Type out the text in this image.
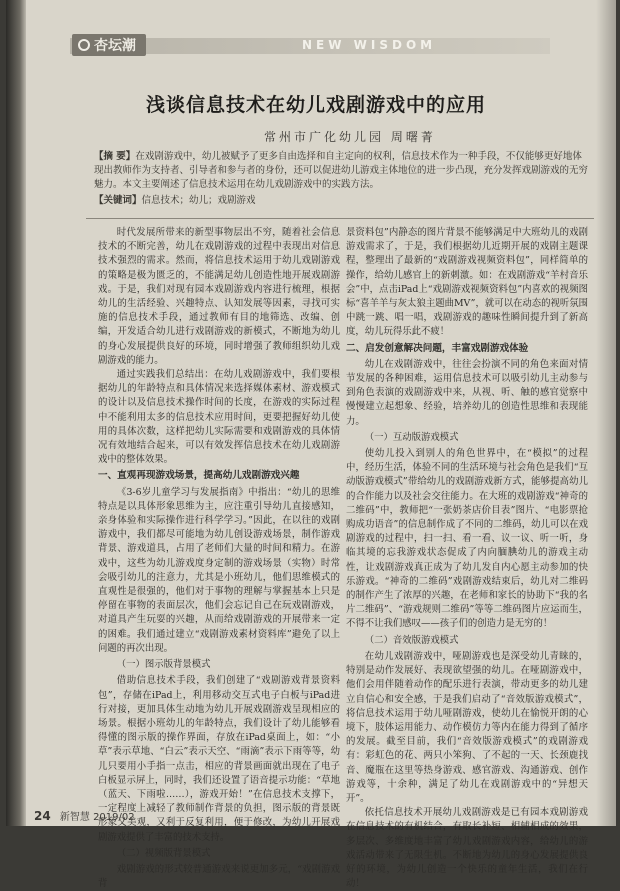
杏坛潮	NEW WISDOM
浅谈信息技术在幼儿戏剧游戏中的应用
常州市广化幼儿园 周曙菁

【摘 要】在戏剧游戏中，幼儿被赋予了更多自由选择和自主定向的权利，信息技术作为一种手段，不仅能够更好地体现出教师作为支持者、引导者和参与者的身份，还可以促进幼儿游戏主体地位的进一步凸现，充分发挥戏剧游戏的无穷魅力。本文主要阐述了信息技术运用在幼儿戏剧游戏中的实践方法。

【关键词】信息技术；幼儿；戏剧游戏

时代发展所带来的新型事物层出不穷，随着社会信息技术的不断完善，幼儿在戏剧游戏的过程中表现出对信息技术强烈的需求。然而，将信息技术运用于幼儿戏剧游戏的策略是极为匮乏的，不能满足幼儿创造性地开展戏剧游戏。于是，我们对现有园本戏剧游戏内容进行梳理，根据幼儿的生活经验、兴趣特点、认知发展等因素，寻找可实施的信息技术手段，通过教师有目的地筛选、改编、创编，开发适合幼儿进行戏剧游戏的新模式，不断地为幼儿的身心发展提供良好的环境，同时增强了教师组织幼儿戏剧游戏的能力。

通过实践我们总结出：在幼儿戏剧游戏中，我们要根据幼儿的年龄特点和具体情况来选择媒体素材、游戏模式的设计以及信息技术操作时间的长度，在游戏的实际过程中不能利用太多的信息技术应用时间，更要把握好幼儿使用的具体次数，这样把幼儿实际需要和戏剧游戏的具体情况有效地结合起来，可以有效发挥信息技术在幼儿戏剧游戏中的整体效果。

一、直观再现游戏场景，提高幼儿戏剧游戏兴趣

《3-6岁儿童学习与发展指南》中指出：“幼儿的思维特点是以具体形象思维为主，应注重引导幼儿直接感知，亲身体验和实际操作进行科学学习。”因此，在以往的戏剧游戏中，我们都尽可能地为幼儿创设游戏场景，制作游戏背景、游戏道具，占用了老师们大量的时间和精力。在游戏中，这些为幼儿游戏度身定制的游戏场景（实物）时常会吸引幼儿的注意力，尤其是小班幼儿，他们思维模式的直观性是很强的，他们对于事物的理解与掌握基本上只是停留在事物的表面层次，他们会忘记自己在玩戏剧游戏，对道具产生玩耍的兴趣，从而给戏剧游戏的开展带来一定的困难。我们通过建立“戏剧游戏素材资料库”避免了以上问题的再次出现。

（一）图示版背景模式

借助信息技术手段，我们创建了“戏剧游戏背景资料包”，存储在iPad上，利用移动交互式电子白板与iPad进行对接，更加具体生动地为幼儿开展戏剧游戏呈现相应的场景。根据小班幼儿的年龄特点，我们设计了幼儿能够看得懂的图示版的操作界面，存放在iPad桌面上，如：“小草”表示草地、“白云”表示天空、“雨滴”表示下雨等等，幼儿只要用小手指一点击，相应的背景画面就出现在了电子白板显示屏上，同时，我们还设置了语音提示功能：“草地（蓝天、下雨啦……），游戏开始！”在信息技术支撑下，一定程度上减轻了教师制作背景的负担，图示版的背景既形象又美观，又利于反复利用，便于修改，为幼儿开展戏剧游戏提供了丰富的技术支持。

（二）视频版背景模式

戏剧游戏的形式较普通游戏来说更加多元，“戏剧游戏背

景资料包”内静态的图片背景不能够满足中大班幼儿的戏剧游戏需求了，于是，我们根据幼儿近期开展的戏剧主题课程，整理出了最新的“戏剧游戏视频资料包”，同样简单的操作，给幼儿感官上的新刺激。如：在戏剧游戏“羊村音乐会”中，点击iPad上“戏剧游戏视频资料包”内喜欢的视频图标“喜羊羊与灰太狼主题曲MV”，就可以在动态的视听氛围中跳一跳、唱一唱，戏剧游戏的趣味性瞬间提升到了新高度，幼儿玩得乐此不疲！

二、启发创意解决问题，丰富戏剧游戏体验

幼儿在戏剧游戏中，往往会扮演不同的角色来面对情节发展的各种困难，运用信息技术可以吸引幼儿主动参与到角色表演的戏剧游戏中来，从视、听、触的感官觉察中慢慢建立起想象、经验，培养幼儿的创造性思维和表现能力。

（一）互动版游戏模式

使幼儿投入到别人的角色世界中，在“模拟”的过程中，经历生活，体验不同的生活环境与社会角色是我们“互动版游戏模式”带给幼儿的戏剧游戏新方式，能够提高幼儿的合作能力以及社会交往能力。在大班的戏剧游戏“神奇的二维码”中，教师把“一张奶茶店价目表”图片、“电影票抢购成功语音”的信息制作成了不同的二维码，幼儿可以在戏剧游戏的过程中，扫一扫、看一看、议一议、听一听，身临其境的忘我游戏状态促成了内向腼腆幼儿的游戏主动性，让戏剧游戏真正成为了幼儿发自内心愿主动参加的快乐游戏。“神奇的二维码”戏剧游戏结束后，幼儿对二维码的制作产生了浓厚的兴趣，在老师和家长的协助下“我的名片二维码”、“游戏规则二维码”等等二维码图片应运而生，不得不让我们感叹——孩子们的创造力是无穷的！

（二）音效版游戏模式

在幼儿戏剧游戏中，哑剧游戏也是深受幼儿青睐的，特别是动作发展好、表现欲望强的幼儿。在哑剧游戏中，他们会用伴随着动作的配乐进行表演，带动更多的幼儿建立自信心和安全感，于是我们启动了“音效版游戏模式”，将信息技术运用于幼儿哑剧游戏，使幼儿在愉悦开朗的心境下，肢体运用能力、动作模仿力等内在能力得到了循序的发展。截至目前，我们“音效版游戏模式”的戏剧游戏有：彩虹色的花、两只小笨狗、了不起的一天、长颈鹿找音、魔瓶在这里等热身游戏、感官游戏、沟通游戏、创作游戏等，十余种，满足了幼儿在戏剧游戏中的“异想天开”。

依托信息技术开展幼儿戏剧游戏是已有园本戏剧游戏在信息技术的有机结合，有取长补短、相辅相成的效果，多层次、多维度地丰富了幼儿戏剧游戏内容，给幼儿的游戏活动带来了无限生机。不断地为幼儿的身心发展提供良好的环境，为幼儿创造一个快乐的童年生活，我们在行动！

24 新智慧 2019/02
